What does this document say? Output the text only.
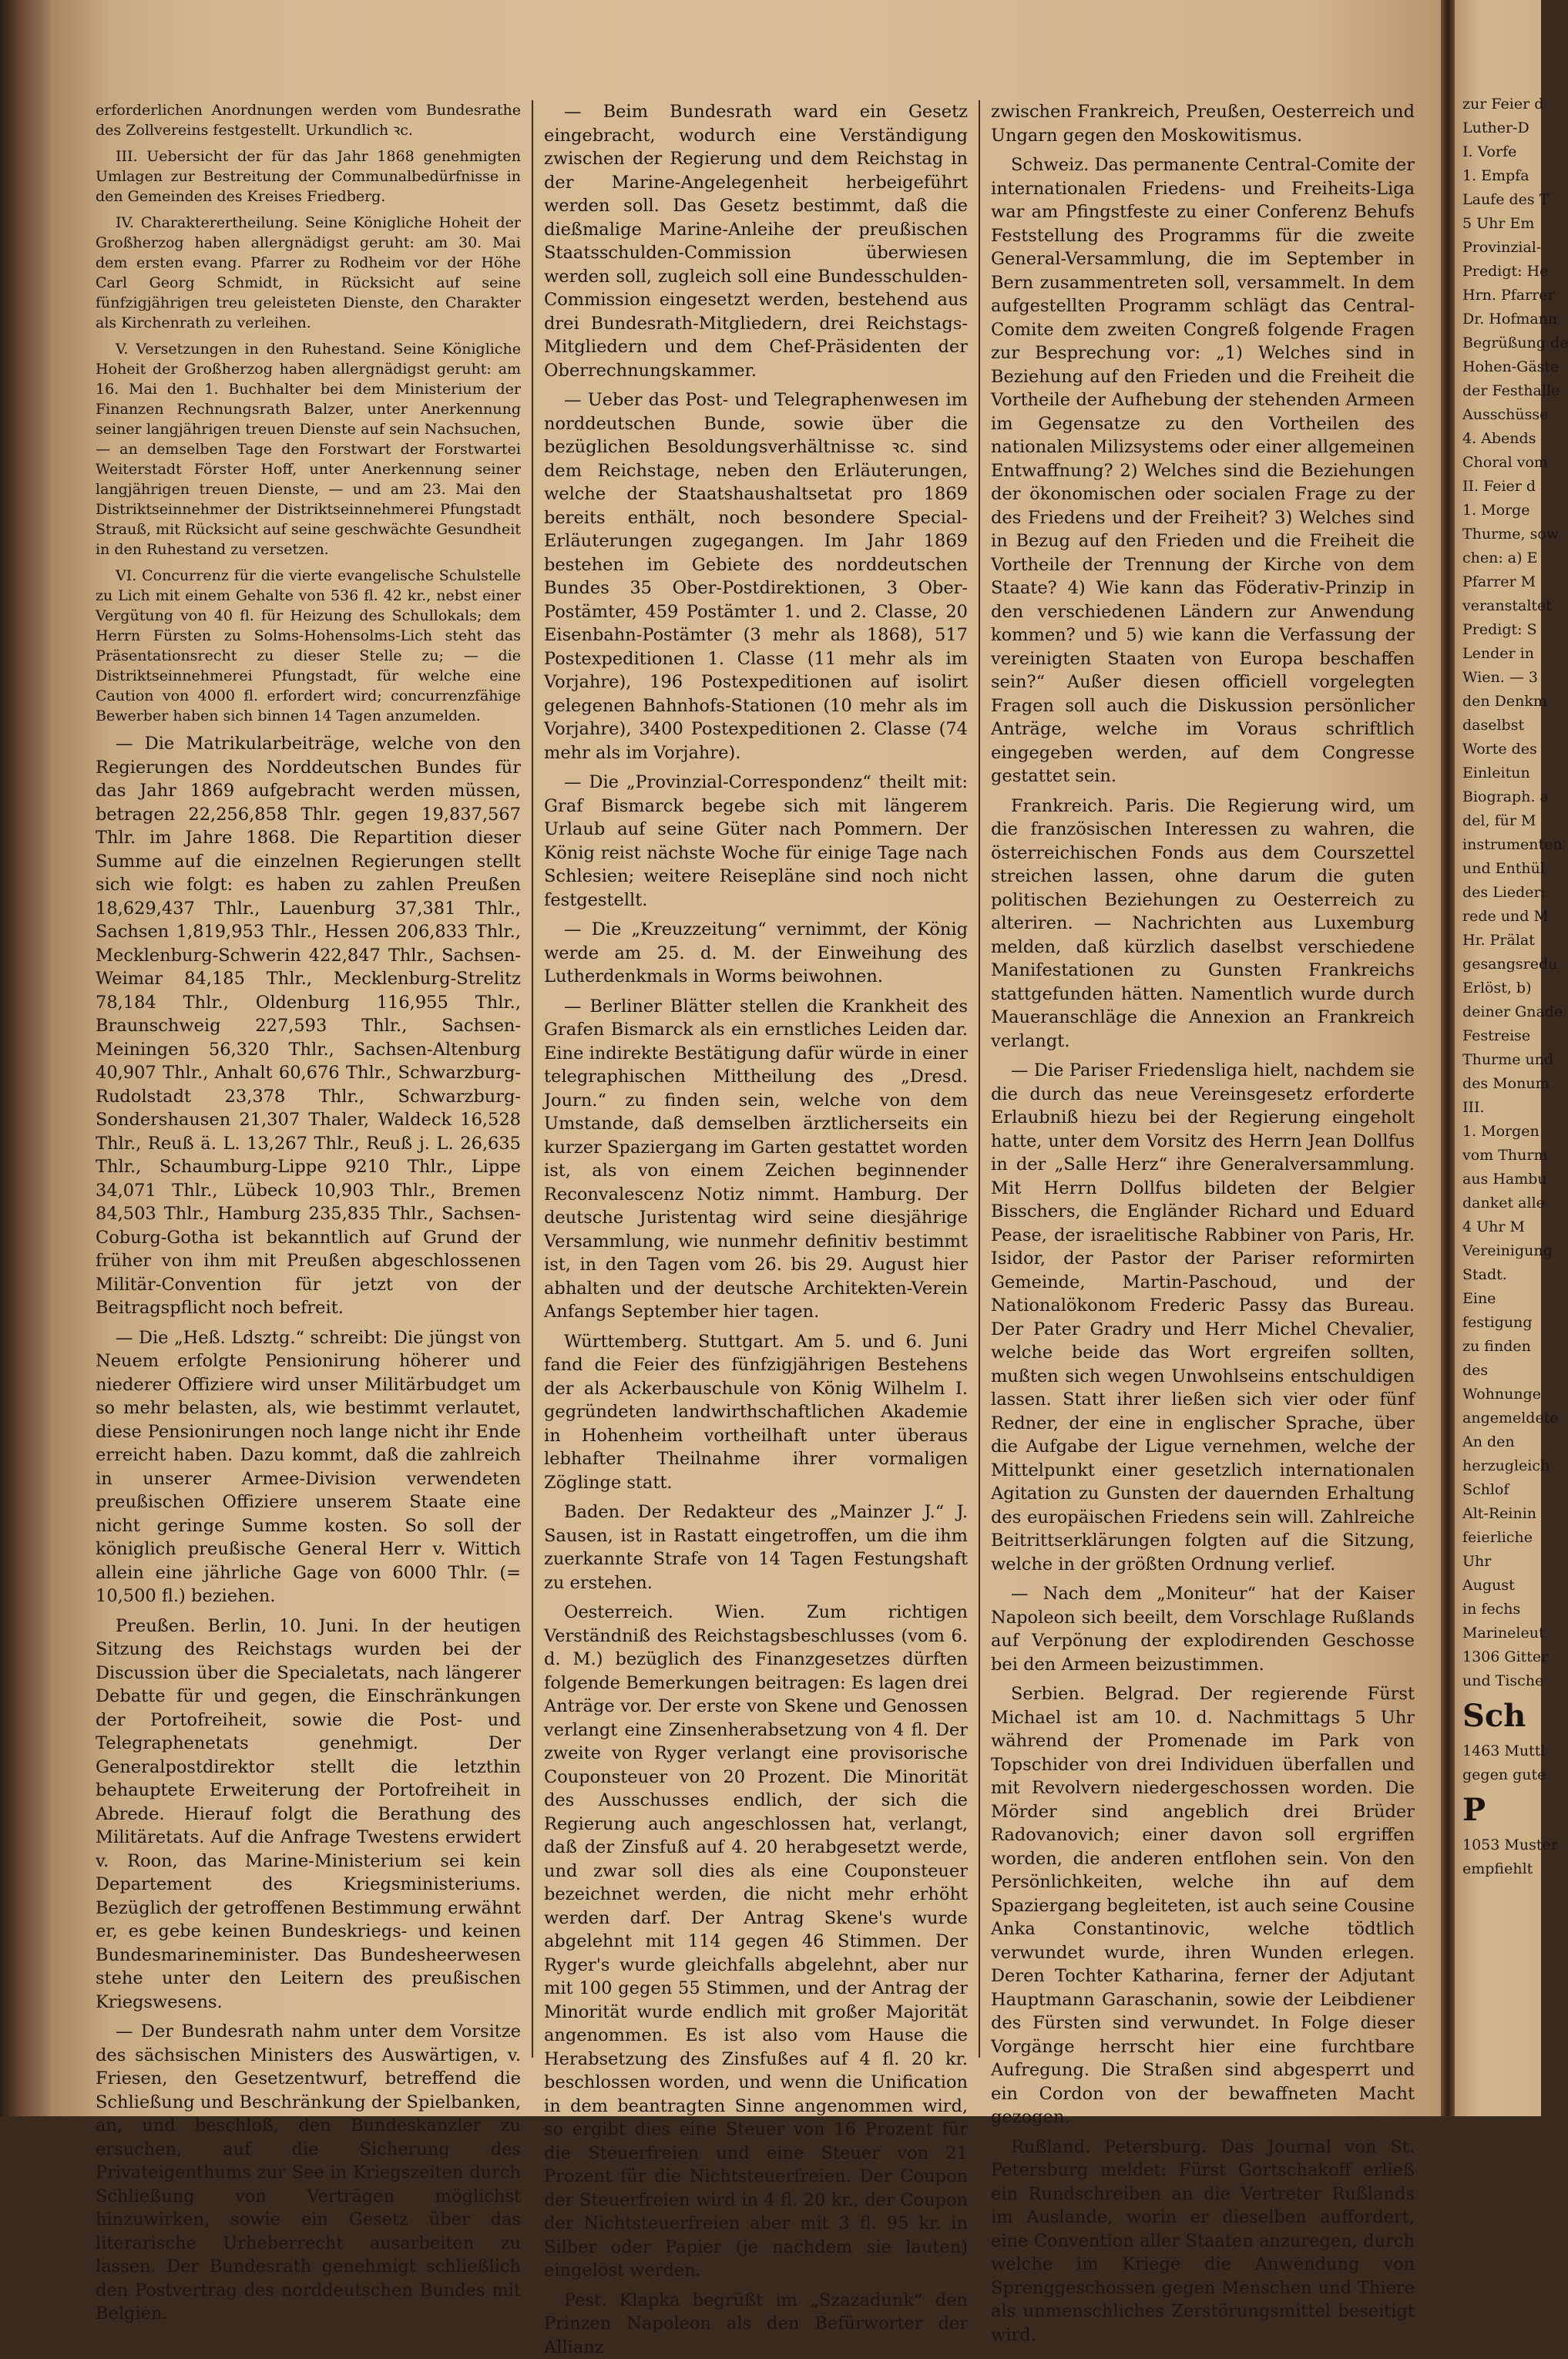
erforderlichen Anordnungen werden vom Bundesrathe des Zollvereins festgestellt. Urkundlich ꝛc.

III. Uebersicht der für das Jahr 1868 genehmigten Umlagen zur Bestreitung der Communalbedürfnisse in den Gemeinden des Kreises Friedberg.

IV. Charakterertheilung. Seine Königliche Hoheit der Großherzog haben allergnädigst geruht: am 30. Mai dem ersten evang. Pfarrer zu Rodheim vor der Höhe Carl Georg Schmidt, in Rücksicht auf seine fünfzigjährigen treu geleisteten Dienste, den Charakter als Kirchenrath zu verleihen.

V. Versetzungen in den Ruhestand. Seine Königliche Hoheit der Großherzog haben allergnädigst geruht: am 16. Mai den 1. Buchhalter bei dem Ministerium der Finanzen Rechnungsrath Balzer, unter Anerkennung seiner langjährigen treuen Dienste auf sein Nachsuchen, — an demselben Tage den Forstwart der Forstwartei Weiterstadt Förster Hoff, unter Anerkennung seiner langjährigen treuen Dienste, — und am 23. Mai den Distriktseinnehmer der Distriktseinnehmerei Pfungstadt Strauß, mit Rücksicht auf seine geschwächte Gesundheit in den Ruhestand zu versetzen.

VI. Concurrenz für die vierte evangelische Schulstelle zu Lich mit einem Gehalte von 536 fl. 42 kr., nebst einer Vergütung von 40 fl. für Heizung des Schullokals; dem Herrn Fürsten zu Solms-Hohensolms-Lich steht das Präsentationsrecht zu dieser Stelle zu; — die Distriktseinnehmerei Pfungstadt, für welche eine Caution von 4000 fl. erfordert wird; concurrenzfähige Bewerber haben sich binnen 14 Tagen anzumelden.

— Die Matrikularbeiträge, welche von den Regierungen des Norddeutschen Bundes für das Jahr 1869 aufgebracht werden müssen, betragen 22,256,858 Thlr. gegen 19,837,567 Thlr. im Jahre 1868. Die Repartition dieser Summe auf die einzelnen Regierungen stellt sich wie folgt: es haben zu zahlen Preußen 18,629,437 Thlr., Lauenburg 37,381 Thlr., Sachsen 1,819,953 Thlr., Hessen 206,833 Thlr., Mecklenburg-Schwerin 422,847 Thlr., Sachsen-Weimar 84,185 Thlr., Mecklenburg-Strelitz 78,184 Thlr., Oldenburg 116,955 Thlr., Braunschweig 227,593 Thlr., Sachsen-Meiningen 56,320 Thlr., Sachsen-Altenburg 40,907 Thlr., Anhalt 60,676 Thlr., Schwarzburg-Rudolstadt 23,378 Thlr., Schwarzburg-Sondershausen 21,307 Thaler, Waldeck 16,528 Thlr., Reuß ä. L. 13,267 Thlr., Reuß j. L. 26,635 Thlr., Schaumburg-Lippe 9210 Thlr., Lippe 34,071 Thlr., Lübeck 10,903 Thlr., Bremen 84,503 Thlr., Hamburg 235,835 Thlr., Sachsen-Coburg-Gotha ist bekanntlich auf Grund der früher von ihm mit Preußen abgeschlossenen Militär-Convention für jetzt von der Beitragspflicht noch befreit.

— Die „Heß. Ldsztg.“ schreibt: Die jüngst von Neuem erfolgte Pensionirung höherer und niederer Offiziere wird unser Militärbudget um so mehr belasten, als, wie bestimmt verlautet, diese Pensionirungen noch lange nicht ihr Ende erreicht haben. Dazu kommt, daß die zahlreich in unserer Armee-Division verwendeten preußischen Offiziere unserem Staate eine nicht geringe Summe kosten. So soll der königlich preußische General Herr v. Wittich allein eine jährliche Gage von 6000 Thlr. (= 10,500 fl.) beziehen.

Preußen. Berlin, 10. Juni. In der heutigen Sitzung des Reichstags wurden bei der Discussion über die Specialetats, nach längerer Debatte für und gegen, die Einschränkungen der Portofreiheit, sowie die Post- und Telegraphenetats genehmigt. Der Generalpostdirektor stellt die letzthin behauptete Erweiterung der Portofreiheit in Abrede. Hierauf folgt die Berathung des Militäretats. Auf die Anfrage Twestens erwidert v. Roon, das Marine-Ministerium sei kein Departement des Kriegsministeriums. Bezüglich der getroffenen Bestimmung erwähnt er, es gebe keinen Bundeskriegs- und keinen Bundesmarineminister. Das Bundesheerwesen stehe unter den Leitern des preußischen Kriegswesens.

— Der Bundesrath nahm unter dem Vorsitze des sächsischen Ministers des Auswärtigen, v. Friesen, den Gesetzentwurf, betreffend die Schließung und Beschränkung der Spielbanken, an, und beschloß, den Bundeskanzler zu ersuchen, auf die Sicherung des Privateigenthums zur See in Kriegszeiten durch Schließung von Verträgen möglichst hinzuwirken, sowie ein Gesetz über das literarische Urheberrecht ausarbeiten zu lassen. Der Bundesrath genehmigt schließlich den Postvertrag des norddeutschen Bundes mit Belgien.

— Beim Bundesrath ward ein Gesetz eingebracht, wodurch eine Verständigung zwischen der Regierung und dem Reichstag in der Marine-Angelegenheit herbeigeführt werden soll. Das Gesetz bestimmt, daß die dießmalige Marine-Anleihe der preußischen Staatsschulden-Commission überwiesen werden soll, zugleich soll eine Bundesschulden-Commission eingesetzt werden, bestehend aus drei Bundesrath-Mitgliedern, drei Reichstags-Mitgliedern und dem Chef-Präsidenten der Oberrechnungskammer.

— Ueber das Post- und Telegraphenwesen im norddeutschen Bunde, sowie über die bezüglichen Besoldungsverhältnisse ꝛc. sind dem Reichstage, neben den Erläuterungen, welche der Staatshaushaltsetat pro 1869 bereits enthält, noch besondere Special-Erläuterungen zugegangen. Im Jahr 1869 bestehen im Gebiete des norddeutschen Bundes 35 Ober-Postdirektionen, 3 Ober-Postämter, 459 Postämter 1. und 2. Classe, 20 Eisenbahn-Postämter (3 mehr als 1868), 517 Postexpeditionen 1. Classe (11 mehr als im Vorjahre), 196 Postexpeditionen auf isolirt gelegenen Bahnhofs-Stationen (10 mehr als im Vorjahre), 3400 Postexpeditionen 2. Classe (74 mehr als im Vorjahre).

— Die „Provinzial-Correspondenz“ theilt mit: Graf Bismarck begebe sich mit längerem Urlaub auf seine Güter nach Pommern. Der König reist nächste Woche für einige Tage nach Schlesien; weitere Reisepläne sind noch nicht festgestellt.

— Die „Kreuzzeitung“ vernimmt, der König werde am 25. d. M. der Einweihung des Lutherdenkmals in Worms beiwohnen.

— Berliner Blätter stellen die Krankheit des Grafen Bismarck als ein ernstliches Leiden dar. Eine indirekte Bestätigung dafür würde in einer telegraphischen Mittheilung des „Dresd. Journ.“ zu finden sein, welche von dem Umstande, daß demselben ärztlicherseits ein kurzer Spaziergang im Garten gestattet worden ist, als von einem Zeichen beginnender Reconvalescenz Notiz nimmt. Hamburg. Der deutsche Juristentag wird seine diesjährige Versammlung, wie nunmehr definitiv bestimmt ist, in den Tagen vom 26. bis 29. August hier abhalten und der deutsche Architekten-Verein Anfangs September hier tagen.

Württemberg. Stuttgart. Am 5. und 6. Juni fand die Feier des fünfzigjährigen Bestehens der als Ackerbauschule von König Wilhelm I. gegründeten landwirthschaftlichen Akademie in Hohenheim vortheilhaft unter überaus lebhafter Theilnahme ihrer vormaligen Zöglinge statt.

Baden. Der Redakteur des „Mainzer J.“ J. Sausen, ist in Rastatt eingetroffen, um die ihm zuerkannte Strafe von 14 Tagen Festungshaft zu erstehen.

Oesterreich. Wien. Zum richtigen Verständniß des Reichstagsbeschlusses (vom 6. d. M.) bezüglich des Finanzgesetzes dürften folgende Bemerkungen beitragen: Es lagen drei Anträge vor. Der erste von Skene und Genossen verlangt eine Zinsenherabsetzung von 4 fl. Der zweite von Ryger verlangt eine provisorische Couponsteuer von 20 Prozent. Die Minorität des Ausschusses endlich, der sich die Regierung auch angeschlossen hat, verlangt, daß der Zinsfuß auf 4. 20 herabgesetzt werde, und zwar soll dies als eine Couponsteuer bezeichnet werden, die nicht mehr erhöht werden darf. Der Antrag Skene's wurde abgelehnt mit 114 gegen 46 Stimmen. Der Ryger's wurde gleichfalls abgelehnt, aber nur mit 100 gegen 55 Stimmen, und der Antrag der Minorität wurde endlich mit großer Majorität angenommen. Es ist also vom Hause die Herabsetzung des Zinsfußes auf 4 fl. 20 kr. beschlossen worden, und wenn die Unification in dem beantragten Sinne angenommen wird, so ergibt dies eine Steuer von 16 Prozent für die Steuerfreien und eine Steuer von 21 Prozent für die Nichtsteuerfreien. Der Coupon der Steuerfreien wird in 4 fl. 20 kr., der Coupon der Nichtsteuerfreien aber mit 3 fl. 95 kr. in Silber oder Papier (je nachdem sie lauten) eingelöst werden.

Pest. Klapka begrüßt im „Szazadunk“ den Prinzen Napoleon als den Befürworter der Allianz

zwischen Frankreich, Preußen, Oesterreich und Ungarn gegen den Moskowitismus.

Schweiz. Das permanente Central-Comite der internationalen Friedens- und Freiheits-Liga war am Pfingstfeste zu einer Conferenz Behufs Feststellung des Programms für die zweite General-Versammlung, die im September in Bern zusammentreten soll, versammelt. In dem aufgestellten Programm schlägt das Central-Comite dem zweiten Congreß folgende Fragen zur Besprechung vor: „1) Welches sind in Beziehung auf den Frieden und die Freiheit die Vortheile der Aufhebung der stehenden Armeen im Gegensatze zu den Vortheilen des nationalen Milizsystems oder einer allgemeinen Entwaffnung? 2) Welches sind die Beziehungen der ökonomischen oder socialen Frage zu der des Friedens und der Freiheit? 3) Welches sind in Bezug auf den Frieden und die Freiheit die Vortheile der Trennung der Kirche von dem Staate? 4) Wie kann das Föderativ-Prinzip in den verschiedenen Ländern zur Anwendung kommen? und 5) wie kann die Verfassung der vereinigten Staaten von Europa beschaffen sein?“ Außer diesen officiell vorgelegten Fragen soll auch die Diskussion persönlicher Anträge, welche im Voraus schriftlich eingegeben werden, auf dem Congresse gestattet sein.

Frankreich. Paris. Die Regierung wird, um die französischen Interessen zu wahren, die österreichischen Fonds aus dem Courszettel streichen lassen, ohne darum die guten politischen Beziehungen zu Oesterreich zu alteriren. — Nachrichten aus Luxemburg melden, daß kürzlich daselbst verschiedene Manifestationen zu Gunsten Frankreichs stattgefunden hätten. Namentlich wurde durch Maueranschläge die Annexion an Frankreich verlangt.

— Die Pariser Friedensliga hielt, nachdem sie die durch das neue Vereinsgesetz erforderte Erlaubniß hiezu bei der Regierung eingeholt hatte, unter dem Vorsitz des Herrn Jean Dollfus in der „Salle Herz“ ihre Generalversammlung. Mit Herrn Dollfus bildeten der Belgier Bisschers, die Engländer Richard und Eduard Pease, der israelitische Rabbiner von Paris, Hr. Isidor, der Pastor der Pariser reformirten Gemeinde, Martin-Paschoud, und der Nationalökonom Frederic Passy das Bureau. Der Pater Gradry und Herr Michel Chevalier, welche beide das Wort ergreifen sollten, mußten sich wegen Unwohlseins entschuldigen lassen. Statt ihrer ließen sich vier oder fünf Redner, der eine in englischer Sprache, über die Aufgabe der Ligue vernehmen, welche der Mittelpunkt einer gesetzlich internationalen Agitation zu Gunsten der dauernden Erhaltung des europäischen Friedens sein will. Zahlreiche Beitrittserklärungen folgten auf die Sitzung, welche in der größten Ordnung verlief.

— Nach dem „Moniteur“ hat der Kaiser Napoleon sich beeilt, dem Vorschlage Rußlands auf Verpönung der explodirenden Geschosse bei den Armeen beizustimmen.

Serbien. Belgrad. Der regierende Fürst Michael ist am 10. d. Nachmittags 5 Uhr während der Promenade im Park von Topschider von drei Individuen überfallen und mit Revolvern niedergeschossen worden. Die Mörder sind angeblich drei Brüder Radovanovich; einer davon soll ergriffen worden, die anderen entflohen sein. Von den Persönlichkeiten, welche ihn auf dem Spaziergang begleiteten, ist auch seine Cousine Anka Constantinovic, welche tödtlich verwundet wurde, ihren Wunden erlegen. Deren Tochter Katharina, ferner der Adjutant Hauptmann Garaschanin, sowie der Leibdiener des Fürsten sind verwundet. In Folge dieser Vorgänge herrscht hier eine furchtbare Aufregung. Die Straßen sind abgesperrt und ein Cordon von der bewaffneten Macht gezogen.

Rußland. Petersburg. Das Journal von St. Petersburg meldet: Fürst Gortschakoff erließ ein Rundschreiben an die Vertreter Rußlands im Auslande, worin er dieselben auffordert, eine Convention aller Staaten anzuregen, durch welche im Kriege die Anwendung von Sprenggeschossen gegen Menschen und Thiere als unmenschliches Zerstörungsmittel beseitigt wird.

zur Feier d
Luther-D
I. Vorfe
1. Empfa
Laufe des T
5 Uhr Em
Provinzial-
Predigt: He
Hrn. Pfarrer
Dr. Hofmann
Begrüßung de
Hohen-Gäste
der Festhalle
Ausschüsse
4. Abends
Choral vom
II. Feier d
1. Morge
Thurme, sow
chen: a) E
Pfarrer M
veranstaltet
Predigt: S
Lender in
Wien. — 3
den Denkm
daselbst
Worte des
Einleitun
Biograph. a
del, für M
instrumenten
und Enthül
des Lieder:
rede und M
Hr. Prälat
gesangsredu
Erlöst, b)
deiner Gnade
Festreise
Thurme und
des Monum
III.
1. Morgen
vom Thurm
aus Hambu
danket alle
4 Uhr M
Vereinigung
Stadt.
Eine
festigung
zu finden
des
Wohnunge
angemeldete
An den
herzugleich
Schlof
Alt-Reinin
feierliche
Uhr
August
in fechs
Marineleut
1306 Gitter
und Tische
Sch
1463 Muttl
gegen gute
P
1053 Muster
empfiehlt
